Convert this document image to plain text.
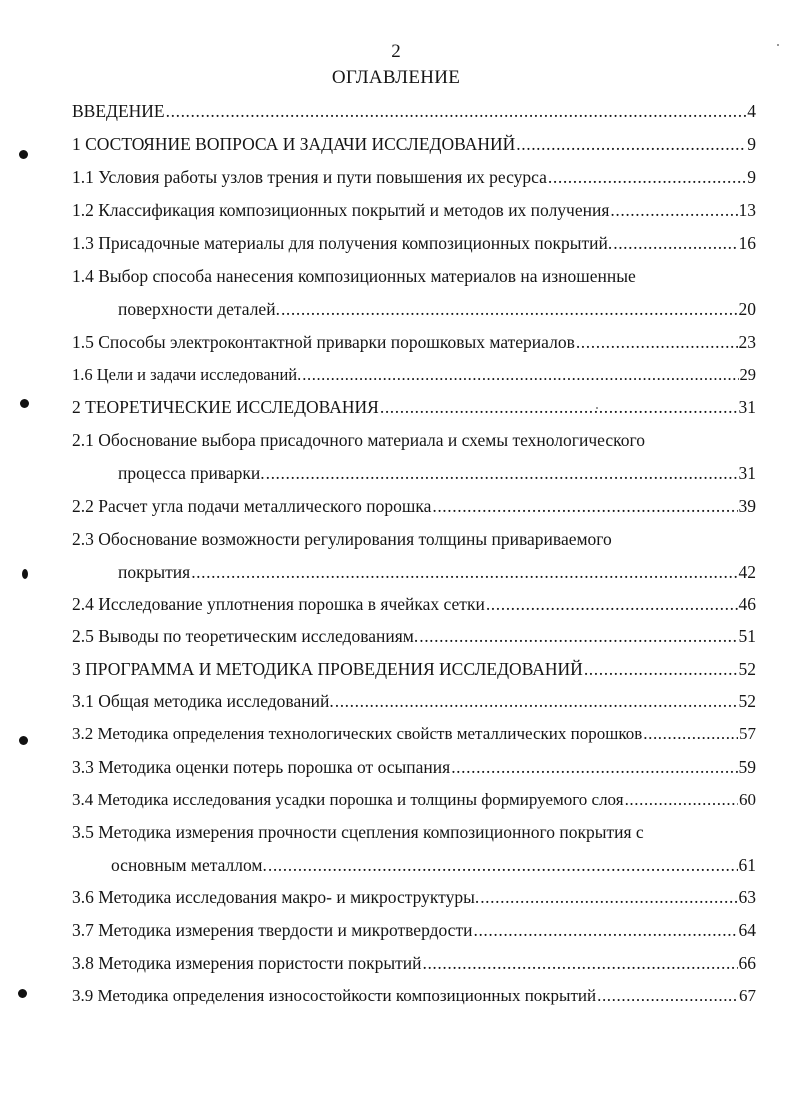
2
ОГЛАВЛЕНИЕ
ВВЕДЕНИЕ .....	4
1 СОСТОЯНИЕ ВОПРОСА И ЗАДАЧИ ИССЛЕДОВАНИЙ .....	9
1.1 Условия работы узлов трения и пути повышения их ресурса .....	9
1.2 Классификация композиционных покрытий и методов их получения .....	13
1.3 Присадочные материалы для получения композиционных покрытий. .....	16
1.4 Выбор способа нанесения композиционных материалов на изношенные
поверхности деталей. .....	20
1.5 Способы электроконтактной приварки порошковых материалов .....	23
1.6 Цели и задачи исследований. .....	29
2 ТЕОРЕТИЧЕСКИЕ ИССЛЕДОВАНИЯ .....	31
2.1 Обоснование выбора присадочного материала и схемы технологического
процесса приварки. .....	31
2.2 Расчет угла подачи металлического порошка .....	39
2.3 Обоснование возможности регулирования толщины привариваемого
покрытия .....	42
2.4 Исследование уплотнения порошка в ячейках сетки .....	46
2.5 Выводы по теоретическим исследованиям. .....	51
3 ПРОГРАММА И МЕТОДИКА ПРОВЕДЕНИЯ ИССЛЕДОВАНИЙ .....	52
3.1 Общая методика исследований. .....	52
3.2 Методика определения технологических свойств металлических порошков .....	57
3.3 Методика оценки потерь порошка от осыпания .....	59
3.4 Методика исследования усадки порошка и толщины формируемого слоя .....	60
3.5 Методика измерения прочности сцепления композиционного покрытия с
основным металлом. .....	61
3.6 Методика исследования макро- и микроструктуры. .....	63
3.7 Методика измерения твердости и микротвердости .....	64
3.8 Методика измерения пористости покрытий .....	66
3.9 Методика определения износостойкости композиционных покрытий .....	67
